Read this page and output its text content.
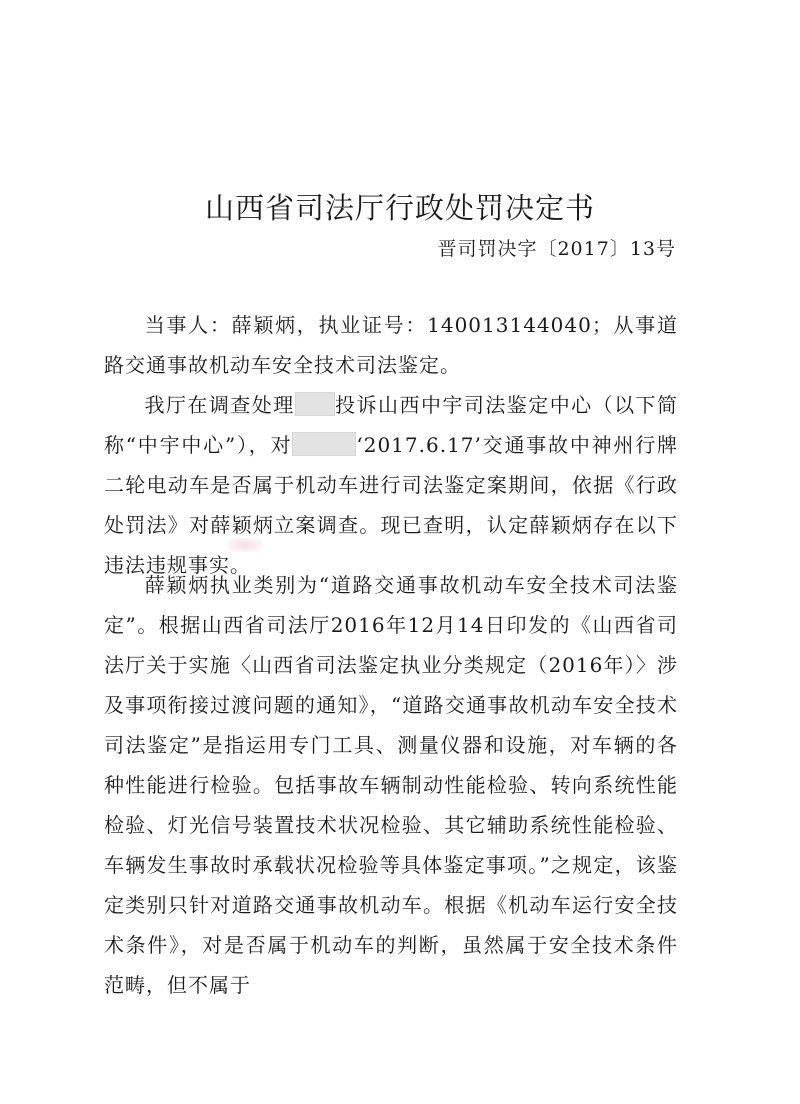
山西省司法厅行政处罚决定书
晋司罚决字〔2017〕13号

当事人：薛颖炳，执业证号：140013144040；从事道路交通事故机动车安全技术司法鉴定。

我厅在调查处理 投诉山西中宇司法鉴定中心（以下简称“中宇中心”），对	‘2017.6.17’交通事故中神州行牌二轮电动车是否属于机动车进行司法鉴定案期间，依据《行政处罚法》对薛颖炳立案调查。现已查明，认定薛颖炳存在以下违法违规事实。

薛颖炳执业类别为“道路交通事故机动车安全技术司法鉴定”。根据山西省司法厅2016年12月14日印发的《山西省司法厅关于实施〈山西省司法鉴定执业分类规定（2016年）〉涉及事项衔接过渡问题的通知》，“道路交通事故机动车安全技术司法鉴定”是指运用专门工具、测量仪器和设施，对车辆的各种性能进行检验。包括事故车辆制动性能检验、转向系统性能检验、灯光信号装置技术状况检验、其它辅助系统性能检验、车辆发生事故时承载状况检验等具体鉴定事项。”之规定，该鉴定类别只针对道路交通事故机动车。根据《机动车运行安全技术条件》，对是否属于机动车的判断，虽然属于安全技术条件范畴，但不属于
